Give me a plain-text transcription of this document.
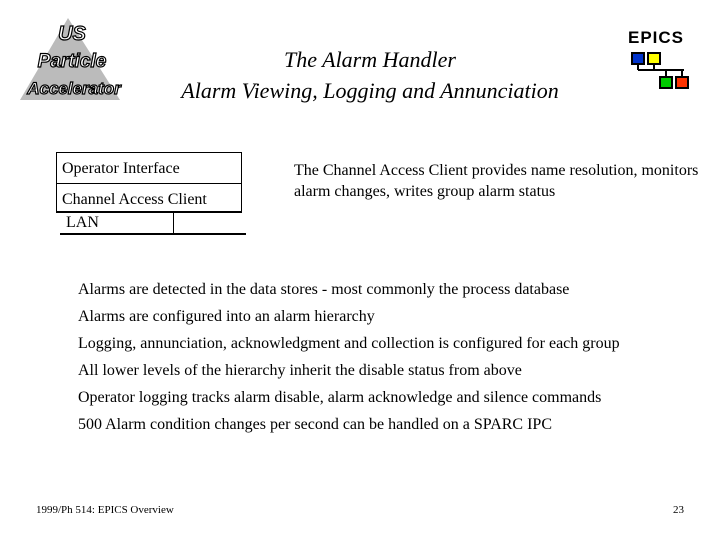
US
Particle
Accelerator
The Alarm Handler
Alarm Viewing, Logging and Annunciation
EPICS
Operator Interface
Channel Access Client
LAN
The Channel Access Client provides name resolution, monitors alarm changes, writes group alarm status
Alarms are detected in the data stores - most commonly the process database
Alarms are configured into an alarm hierarchy
Logging, annunciation, acknowledgment and collection is configured for each group
All lower levels of the hierarchy inherit the disable status from above
Operator logging tracks alarm disable, alarm acknowledge and silence commands
500 Alarm condition changes per second can be handled on a SPARC IPC
1999/Ph 514: EPICS Overview	23
